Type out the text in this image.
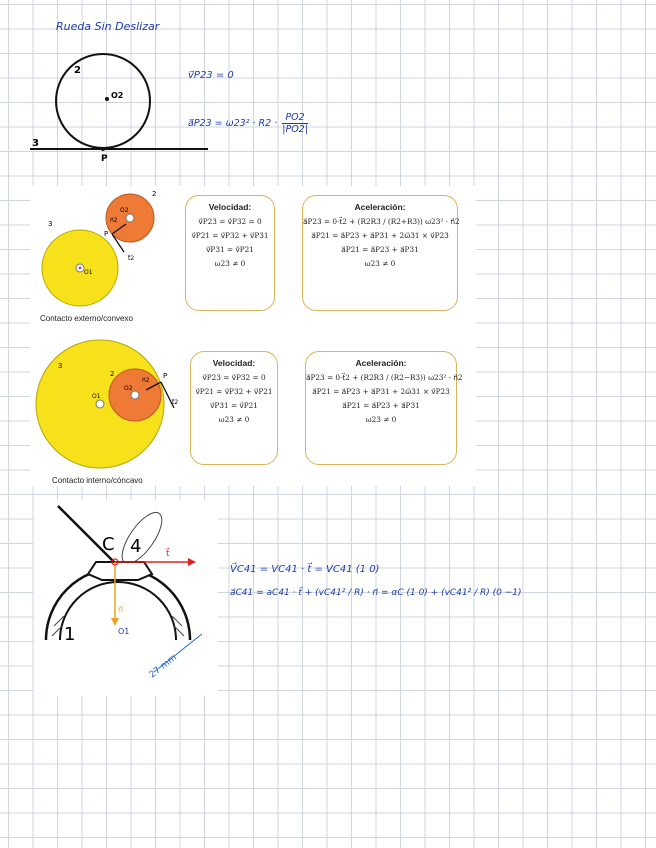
Rueda Sin Deslizar
2
O2
3
P
v⃗P23 = 0
a⃗P23 = $\omega 23^2 \cdot R2 \cdot \frac{PO2}{|PO2|}$
3
2
O1
O2
P
n⃗2
t⃗2
Contacto externo/convexo
Velocidad:
v⃗P23 = v⃗P32 = 0
v⃗P21 = v⃗P32 + v⃗P31
v⃗P31 = v⃗P21
ω23 ≠ 0
Aceleración:
a⃗P23 = 0·t⃗2 + (R2R3 / (R2+R3)) ω23² · n⃗2
a⃗P21 = a⃗P23 + a⃗P31 + 2ω⃗31 × v⃗P23
a⃗P21 = a⃗P23 + a⃗P31
ω23 ≠ 0
3
2
O1
O2
P
n⃗2
t⃗2
Contacto interno/cóncavo
Velocidad:
v⃗P23 = v⃗P32 = 0
v⃗P21 = v⃗P32 + v⃗P21
v⃗P31 = v⃗P21
ω23 ≠ 0
Aceleración:
a⃗P23 = 0·t⃗2 + (R2R3 / (R2−R3)) ω23² · n⃗2
a⃗P21 = a⃗P23 + a⃗P31 + 2ω⃗31 × v⃗P23
a⃗P21 = a⃗P23 + a⃗P31
ω23 ≠ 0
C 4
1	O1
t⃗
n⃗
27 mm
V⃗C41 = VC41 · t⃗ = VC41 (1 0)
a⃗C41 = aC41 · t⃗ + (vC41² / R) · n⃗ = αC (1 0) + (vC41² / R) (0 −1)
